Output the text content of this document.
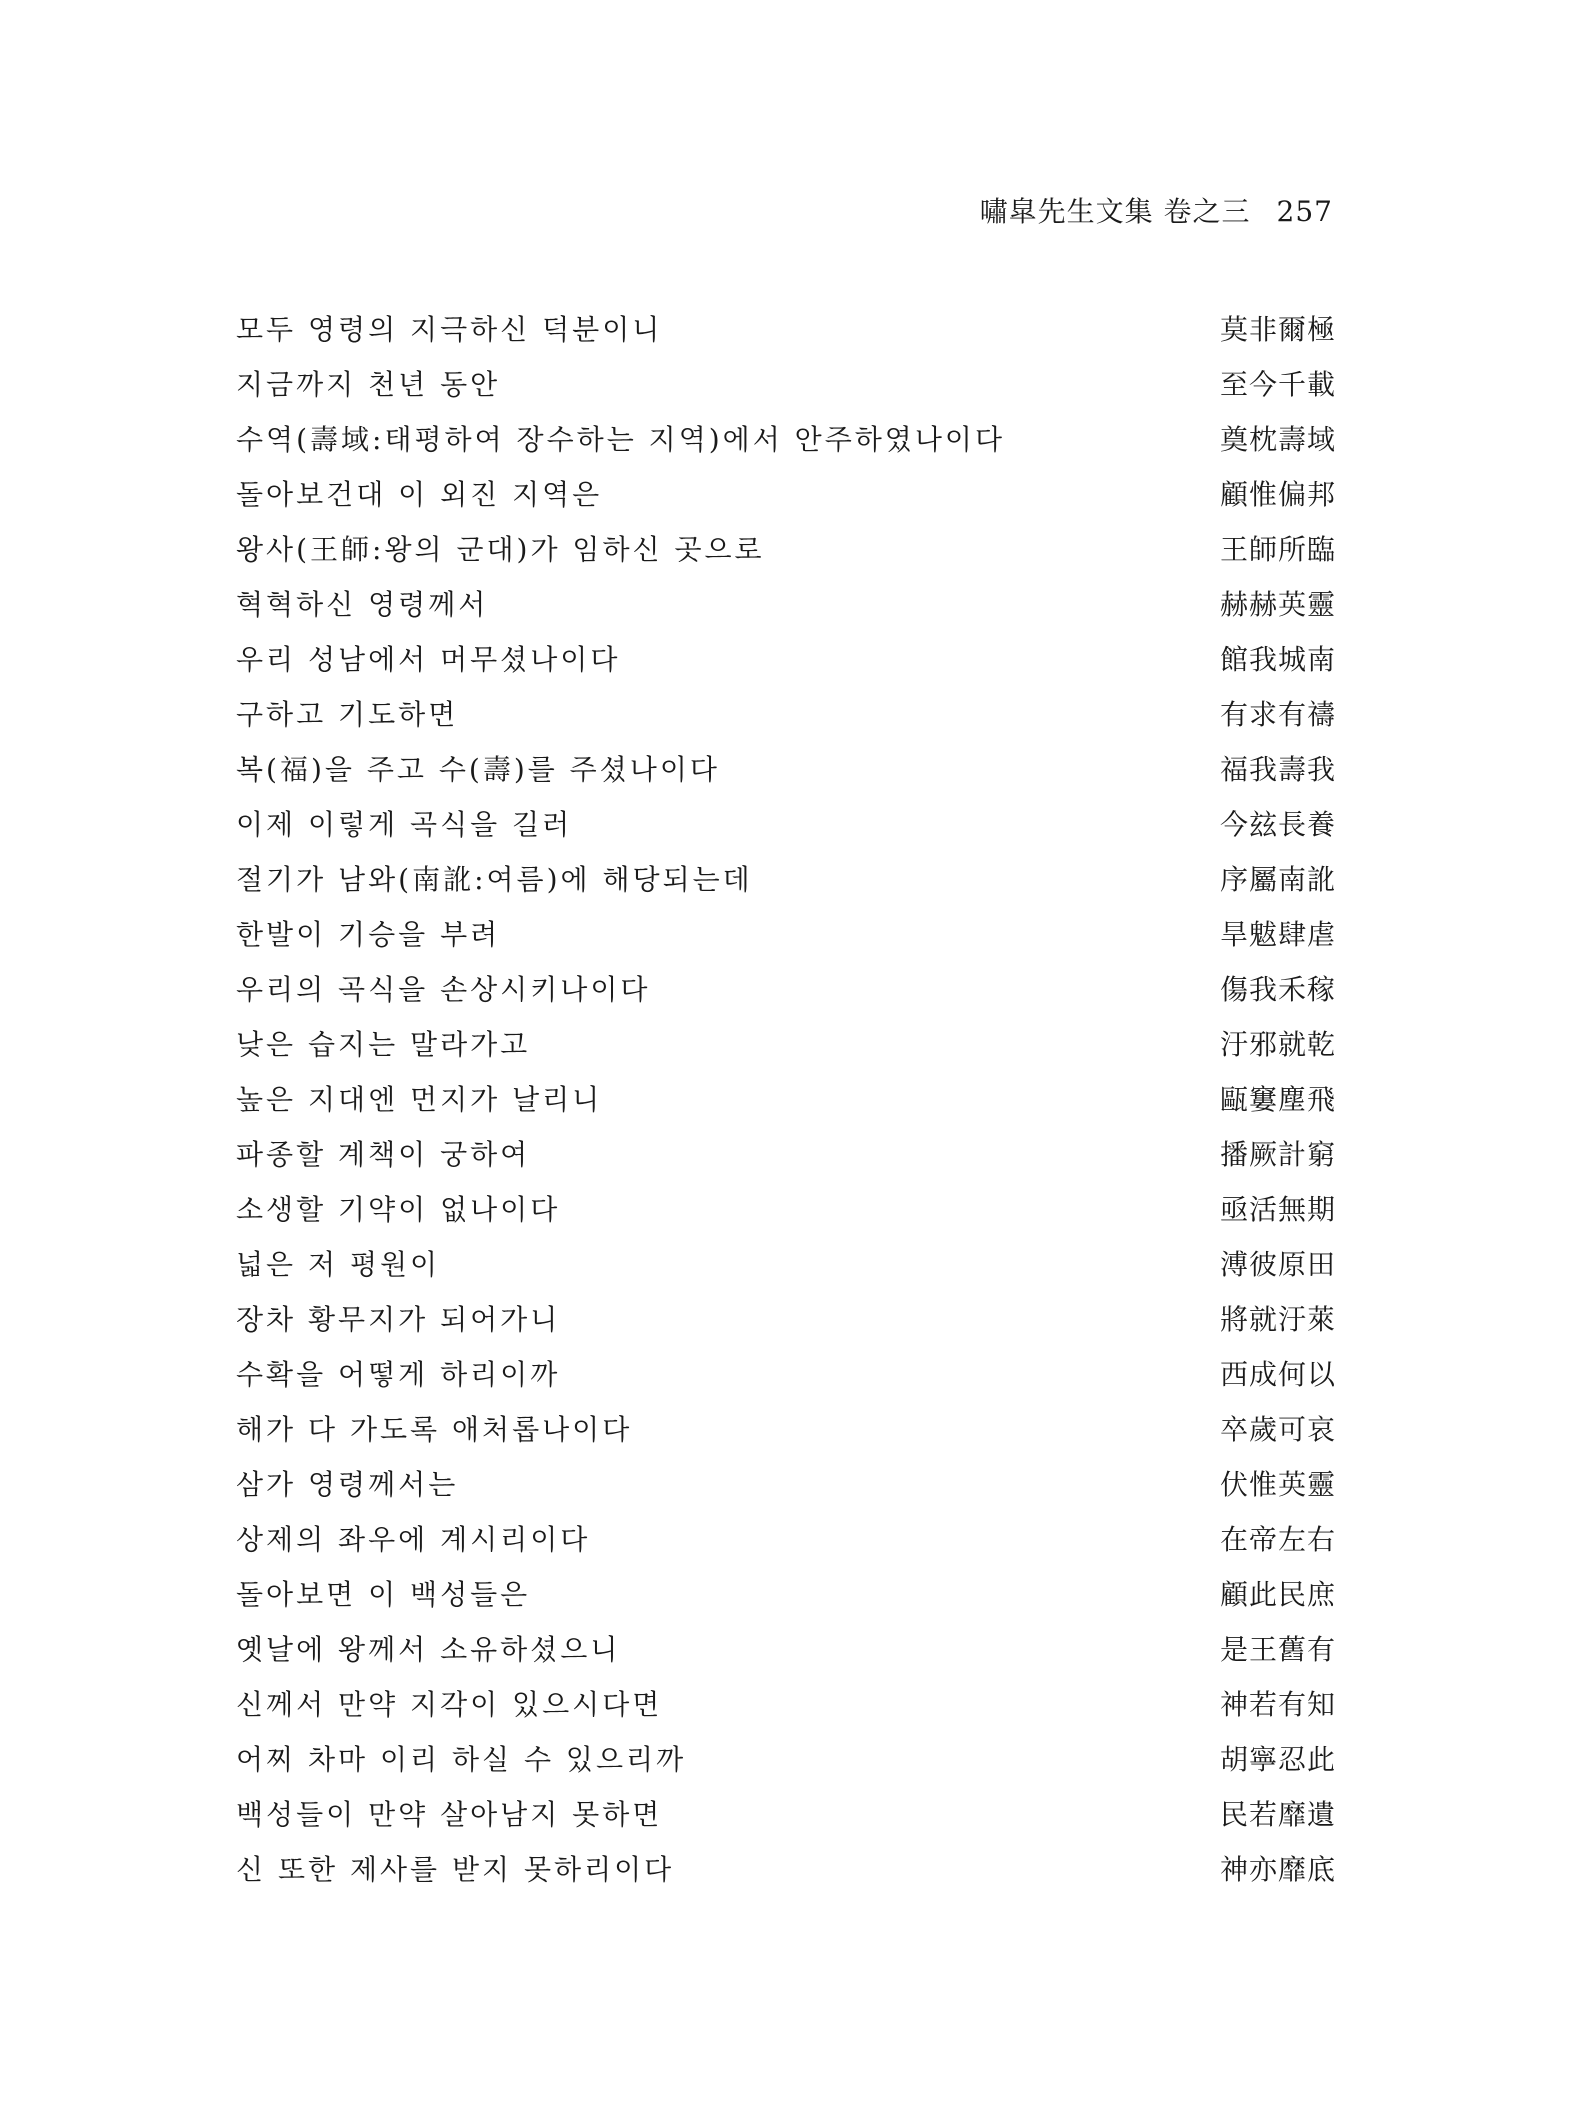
嘯皐先生文集 卷之三 257
모두 영령의 지극하신 덕분이니	莫非爾極
지금까지 천년 동안	至今千載
수역(壽域:태평하여 장수하는 지역)에서 안주하였나이다	奠枕壽域
돌아보건대 이 외진 지역은	顧惟偏邦
왕사(王師:왕의 군대)가 임하신 곳으로	王師所臨
혁혁하신 영령께서	赫赫英靈
우리 성남에서 머무셨나이다	館我城南
구하고 기도하면	有求有禱
복(福)을 주고 수(壽)를 주셨나이다	福我壽我
이제 이렇게 곡식을 길러	今玆長養
절기가 남와(南訛:여름)에 해당되는데	序屬南訛
한발이 기승을 부려	旱魃肆虐
우리의 곡식을 손상시키나이다	傷我禾稼
낮은 습지는 말라가고	汙邪就乾
높은 지대엔 먼지가 날리니	甌窶塵飛
파종할 계책이 궁하여	播厥計窮
소생할 기약이 없나이다	亟活無期
넓은 저 평원이	溥彼原田
장차 황무지가 되어가니	將就汙萊
수확을 어떻게 하리이까	西成何以
해가 다 가도록 애처롭나이다	卒歲可哀
삼가 영령께서는	伏惟英靈
상제의 좌우에 계시리이다	在帝左右
돌아보면 이 백성들은	顧此民庶
옛날에 왕께서 소유하셨으니	是王舊有
신께서 만약 지각이 있으시다면	神若有知
어찌 차마 이리 하실 수 있으리까	胡寧忍此
백성들이 만약 살아남지 못하면	民若靡遺
신 또한 제사를 받지 못하리이다	神亦靡底
